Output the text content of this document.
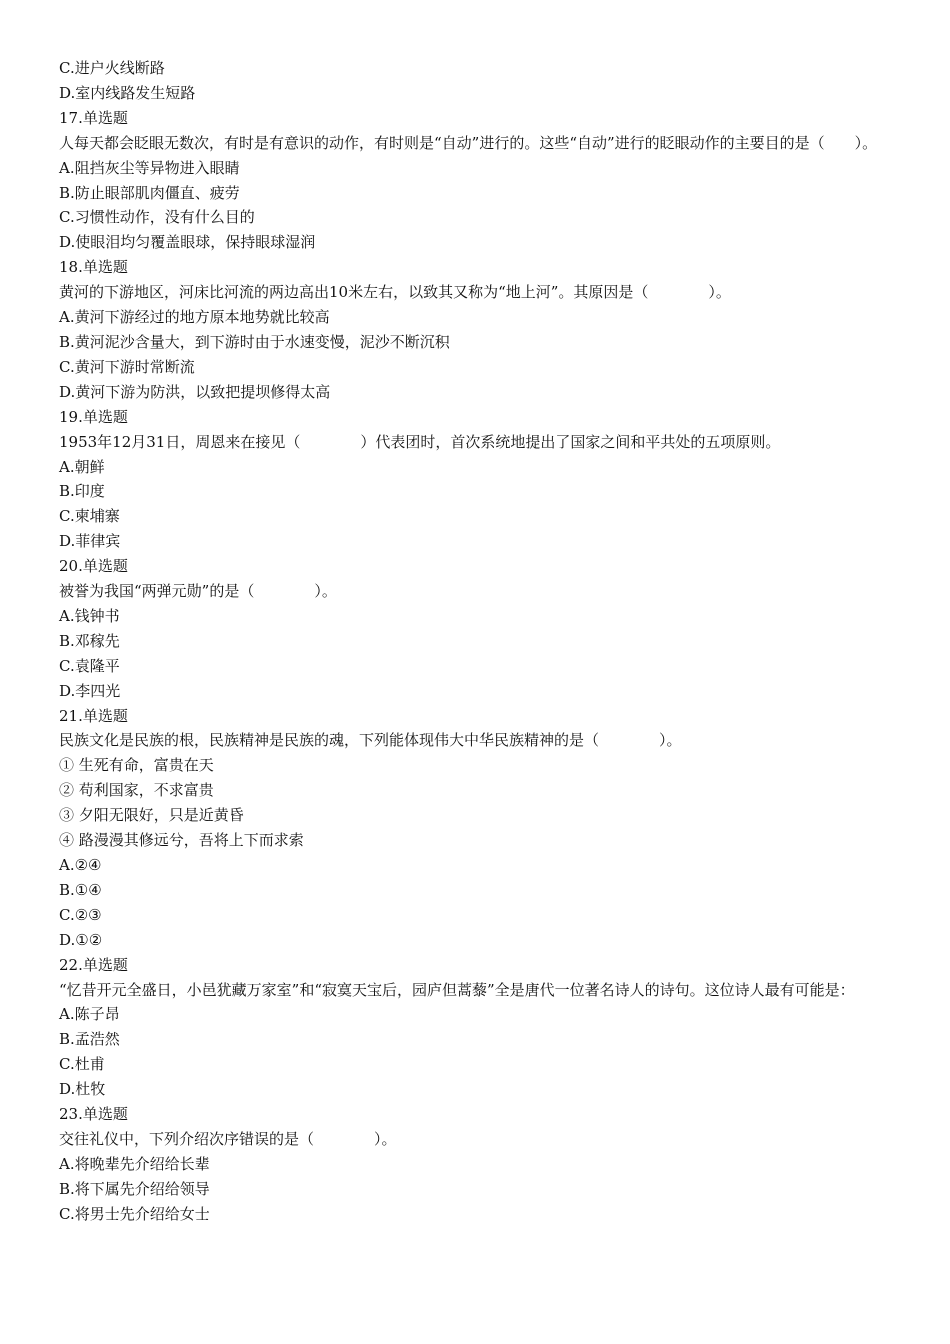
C.进户火线断路
D.室内线路发生短路
17.单选题
人每天都会眨眼无数次，有时是有意识的动作，有时则是“自动”进行的。这些“自动”进行的眨眼动作的主要目的是（　　）。
A.阻挡灰尘等异物进入眼睛
B.防止眼部肌肉僵直、疲劳
C.习惯性动作，没有什么目的
D.使眼泪均匀覆盖眼球，保持眼球湿润
18.单选题
黄河的下游地区，河床比河流的两边高出10米左右，以致其又称为“地上河”。其原因是（　　　　）。
A.黄河下游经过的地方原本地势就比较高
B.黄河泥沙含量大，到下游时由于水速变慢，泥沙不断沉积
C.黄河下游时常断流
D.黄河下游为防洪，以致把提坝修得太高
19.单选题
1953年12月31日，周恩来在接见（　　　　）代表团时，首次系统地提出了国家之间和平共处的五项原则。
A.朝鲜
B.印度
C.柬埔寨
D.菲律宾
20.单选题
被誉为我国“两弹元勋”的是（　　　　）。
A.钱钟书
B.邓稼先
C.袁隆平
D.李四光
21.单选题
民族文化是民族的根，民族精神是民族的魂，下列能体现伟大中华民族精神的是（　　　　）。
① 生死有命，富贵在天
② 苟利国家，不求富贵
③ 夕阳无限好，只是近黄昏
④ 路漫漫其修远兮，吾将上下而求索
A.②④
B.①④
C.②③
D.①②
22.单选题
“忆昔开元全盛日，小邑犹藏万家室”和“寂寞天宝后，园庐但蒿藜”全是唐代一位著名诗人的诗句。这位诗人最有可能是：
A.陈子昂
B.孟浩然
C.杜甫
D.杜牧
23.单选题
交往礼仪中，下列介绍次序错误的是（　　　　）。
A.将晚辈先介绍给长辈
B.将下属先介绍给领导
C.将男士先介绍给女士
